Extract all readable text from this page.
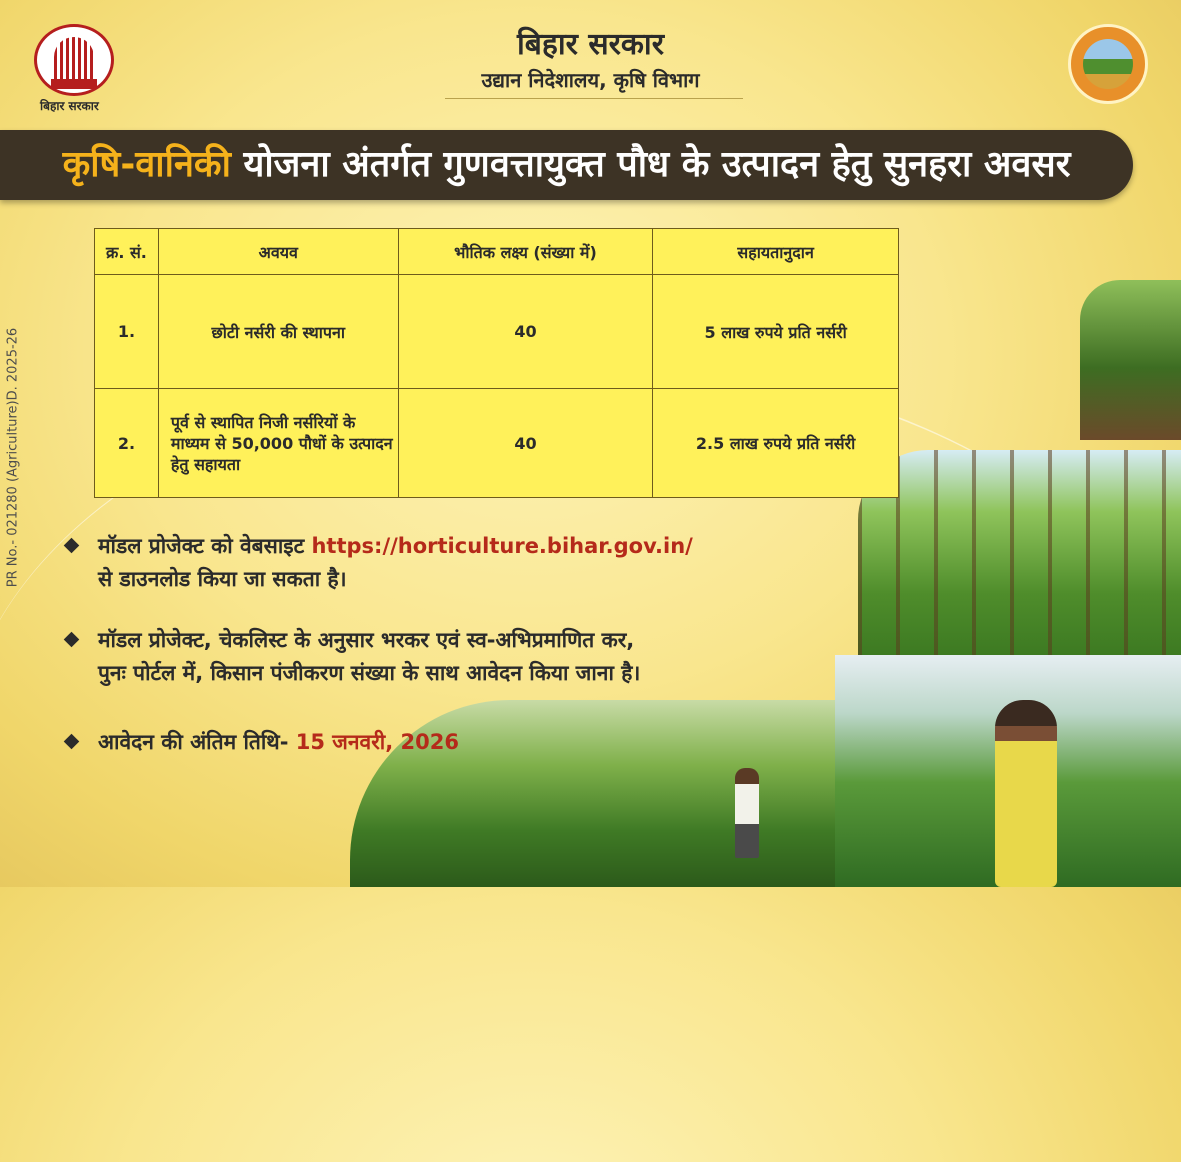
बिहार सरकार
बिहार सरकार
उद्यान निदेशालय, कृषि विभाग
कृषि-वानिकी योजना अंतर्गत गुणवत्तायुक्त पौध के उत्पादन हेतु सुनहरा अवसर
क्र. सं.	अवयव	भौतिक लक्ष्य (संख्या में)	सहायतानुदान
1.	छोटी नर्सरी की स्थापना	40	5 लाख रुपये प्रति नर्सरी
2.	पूर्व से स्थापित निजी नर्सरियों के माध्यम से 50,000 पौधों के उत्पादन हेतु सहायता	40	2.5 लाख रुपये प्रति नर्सरी
मॉडल प्रोजेक्ट को वेबसाइट https://horticulture.bihar.gov.in/
से डाउनलोड किया जा सकता है।
मॉडल प्रोजेक्ट, चेकलिस्ट के अनुसार भरकर एवं स्व-अभिप्रमाणित कर,
पुनः पोर्टल में, किसान पंजीकरण संख्या के साथ आवेदन किया जाना है।
आवेदन की अंतिम तिथि- 15 जनवरी, 2026
PR No.- 021280 (Agriculture)D. 2025-26
